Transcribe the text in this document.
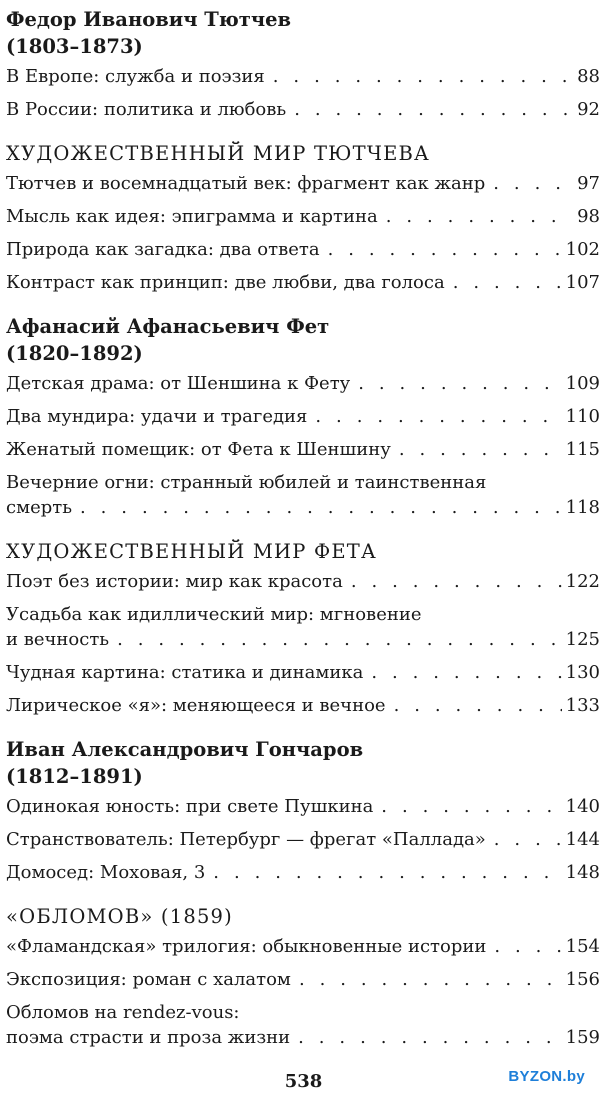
Федор Иванович Тютчев
(1803–1873)
В Европе: служба и поэзия . . .	88
В России: политика и любовь . . .	92
ХУДОЖЕСТВЕННЫЙ МИР ТЮТЧЕВА
Тютчев и восемнадцатый век: фрагмент как жанр . . .	97
Мысль как идея: эпиграмма и картина . . .	98
Природа как загадка: два ответа . . .	102
Контраст как принцип: две любви, два голоса . . .	107
Афанасий Афанасьевич Фет
(1820–1892)
Детская драма: от Шеншина к Фету . . .	109
Два мундира: удачи и трагедия . . .	110
Женатый помещик: от Фета к Шеншину . . .	115
Вечерние огни: странный юбилей и таинственная
смерть . . .	118
ХУДОЖЕСТВЕННЫЙ МИР ФЕТА
Поэт без истории: мир как красота . . .	122
Усадьба как идиллический мир: мгновение
и вечность . . .	125
Чудная картина: статика и динамика . . .	130
Лирическое «я»: меняющееся и вечное . . .	133
Иван Александрович Гончаров
(1812–1891)
Одинокая юность: при свете Пушкина . . .	140
Странствователь: Петербург — фрегат «Паллада» . . .	144
Домосед: Моховая, 3 . . .	148
«ОБЛОМОВ» (1859)
«Фламандская» трилогия: обыкновенные истории . . .	154
Экспозиция: роман с халатом . . .	156
Обломов на rendez-vous:
поэма страсти и проза жизни . . .	159
538	BYZON.by
